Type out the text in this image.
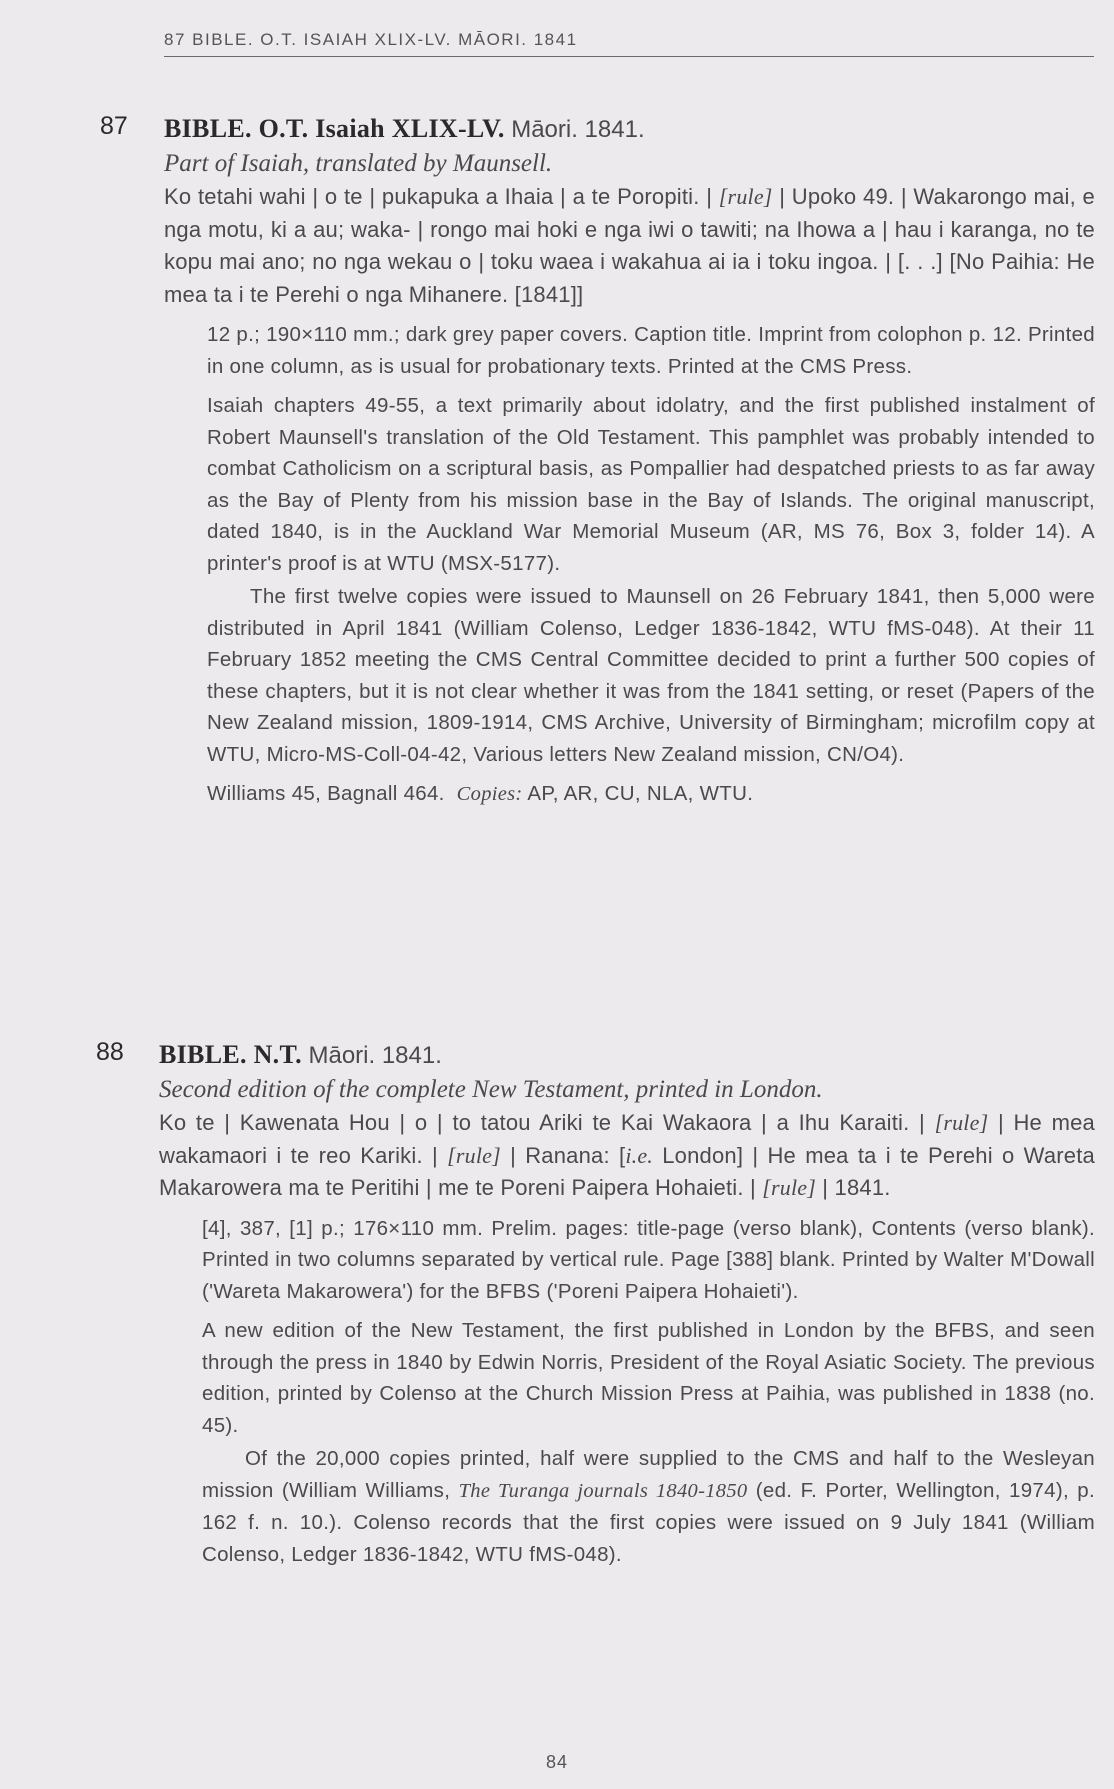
87 BIBLE. O.T. ISAIAH XLIX-LV. MĀORI. 1841
87 BIBLE. O.T. Isaiah XLIX-LV. Māori. 1841.
Part of Isaiah, translated by Maunsell.
Ko tetahi wahi | o te | pukapuka a Ihaia | a te Poropiti. | [rule] | Upoko 49. | Wakarongo mai, e nga motu, ki a au; waka- | rongo mai hoki e nga iwi o tawiti; na Ihowa a | hau i karanga, no te kopu mai ano; no nga wekau o | toku waea i wakahua ai ia i toku ingoa. | [. . .] [No Paihia: He mea ta i te Perehi o nga Mihanere. [1841]]

12 p.; 190×110 mm.; dark grey paper covers. Caption title. Imprint from colophon p. 12. Printed in one column, as is usual for probationary texts. Printed at the CMS Press.

Isaiah chapters 49-55, a text primarily about idolatry, and the first published instalment of Robert Maunsell's translation of the Old Testament. This pamphlet was probably intended to combat Catholicism on a scriptural basis, as Pompallier had despatched priests to as far away as the Bay of Plenty from his mission base in the Bay of Islands. The original manuscript, dated 1840, is in the Auckland War Memorial Museum (AR, MS 76, Box 3, folder 14). A printer's proof is at WTU (MSX-5177).

The first twelve copies were issued to Maunsell on 26 February 1841, then 5,000 were distributed in April 1841 (William Colenso, Ledger 1836-1842, WTU fMS-048). At their 11 February 1852 meeting the CMS Central Committee decided to print a further 500 copies of these chapters, but it is not clear whether it was from the 1841 setting, or reset (Papers of the New Zealand mission, 1809-1914, CMS Archive, University of Birmingham; microfilm copy at WTU, Micro-MS-Coll-04-42, Various letters New Zealand mission, CN/O4).

Williams 45, Bagnall 464. Copies: AP, AR, CU, NLA, WTU.

88 BIBLE. N.T. Māori. 1841.
Second edition of the complete New Testament, printed in London.
Ko te | Kawenata Hou | o | to tatou Ariki te Kai Wakaora | a Ihu Karaiti. | [rule] | He mea wakamaori i te reo Kariki. | [rule] | Ranana: [i.e. London] | He mea ta i te Perehi o Wareta Makarowera ma te Peritihi | me te Poreni Paipera Hohaieti. | [rule] | 1841.

[4], 387, [1] p.; 176×110 mm. Prelim. pages: title-page (verso blank), Contents (verso blank). Printed in two columns separated by vertical rule. Page [388] blank. Printed by Walter M'Dowall ('Wareta Makarowera') for the BFBS ('Poreni Paipera Hohaieti').

A new edition of the New Testament, the first published in London by the BFBS, and seen through the press in 1840 by Edwin Norris, President of the Royal Asiatic Society. The previous edition, printed by Colenso at the Church Mission Press at Paihia, was published in 1838 (no. 45).

Of the 20,000 copies printed, half were supplied to the CMS and half to the Wesleyan mission (William Williams, The Turanga journals 1840-1850 (ed. F. Porter, Wellington, 1974), p. 162 f. n. 10.). Colenso records that the first copies were issued on 9 July 1841 (William Colenso, Ledger 1836-1842, WTU fMS-048).

84
